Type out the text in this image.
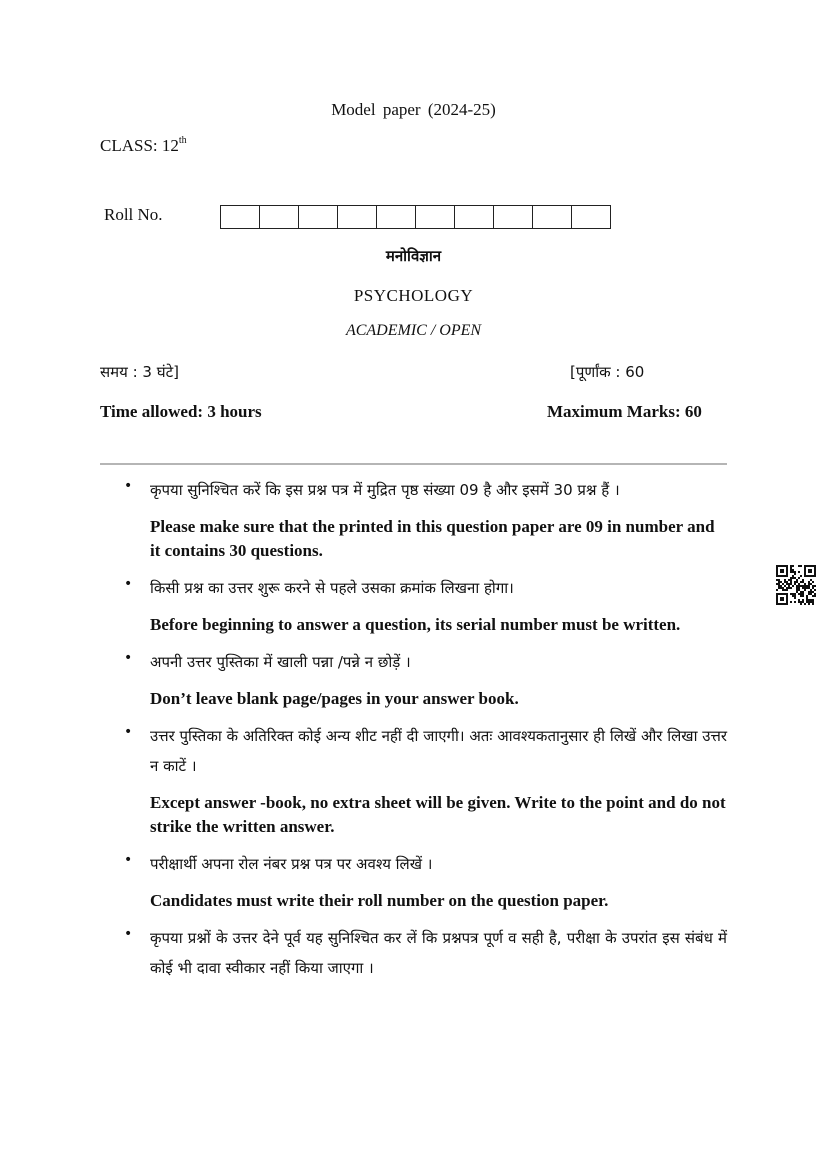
Model paper (2024-25)
CLASS: 12th
Roll No.
मनोविज्ञान
PSYCHOLOGY
ACADEMIC / OPEN
समय : 3 घंटे]	[पूर्णांक : 60
Time allowed: 3 hours	Maximum Marks: 60
• कृपया सुनिश्चित करें कि इस प्रश्न पत्र में मुद्रित पृष्ठ संख्या 09 है और इसमें 30 प्रश्न हैं ।
Please make sure that the printed in this question paper are 09 in number and it contains 30 questions.
• किसी प्रश्न का उत्तर शुरू करने से पहले उसका क्रमांक लिखना होगा।
Before beginning to answer a question, its serial number must be written.
• अपनी उत्तर पुस्तिका में खाली पन्ना /पन्ने न छोड़ें ।
Don’t leave blank page/pages in your answer book.
• उत्तर पुस्तिका के अतिरिक्त कोई अन्य शीट नहीं दी जाएगी। अतः आवश्यकतानुसार ही लिखें और लिखा उत्तर न काटें ।
Except answer -book, no extra sheet will be given. Write to the point and do not strike the written answer.
• परीक्षार्थी अपना रोल नंबर प्रश्न पत्र पर अवश्य लिखें ।
Candidates must write their roll number on the question paper.
• कृपया प्रश्नों के उत्तर देने पूर्व यह सुनिश्चित कर लें कि प्रश्नपत्र पूर्ण व सही है, परीक्षा के उपरांत इस संबंध में कोई भी दावा स्वीकार नहीं किया जाएगा ।
